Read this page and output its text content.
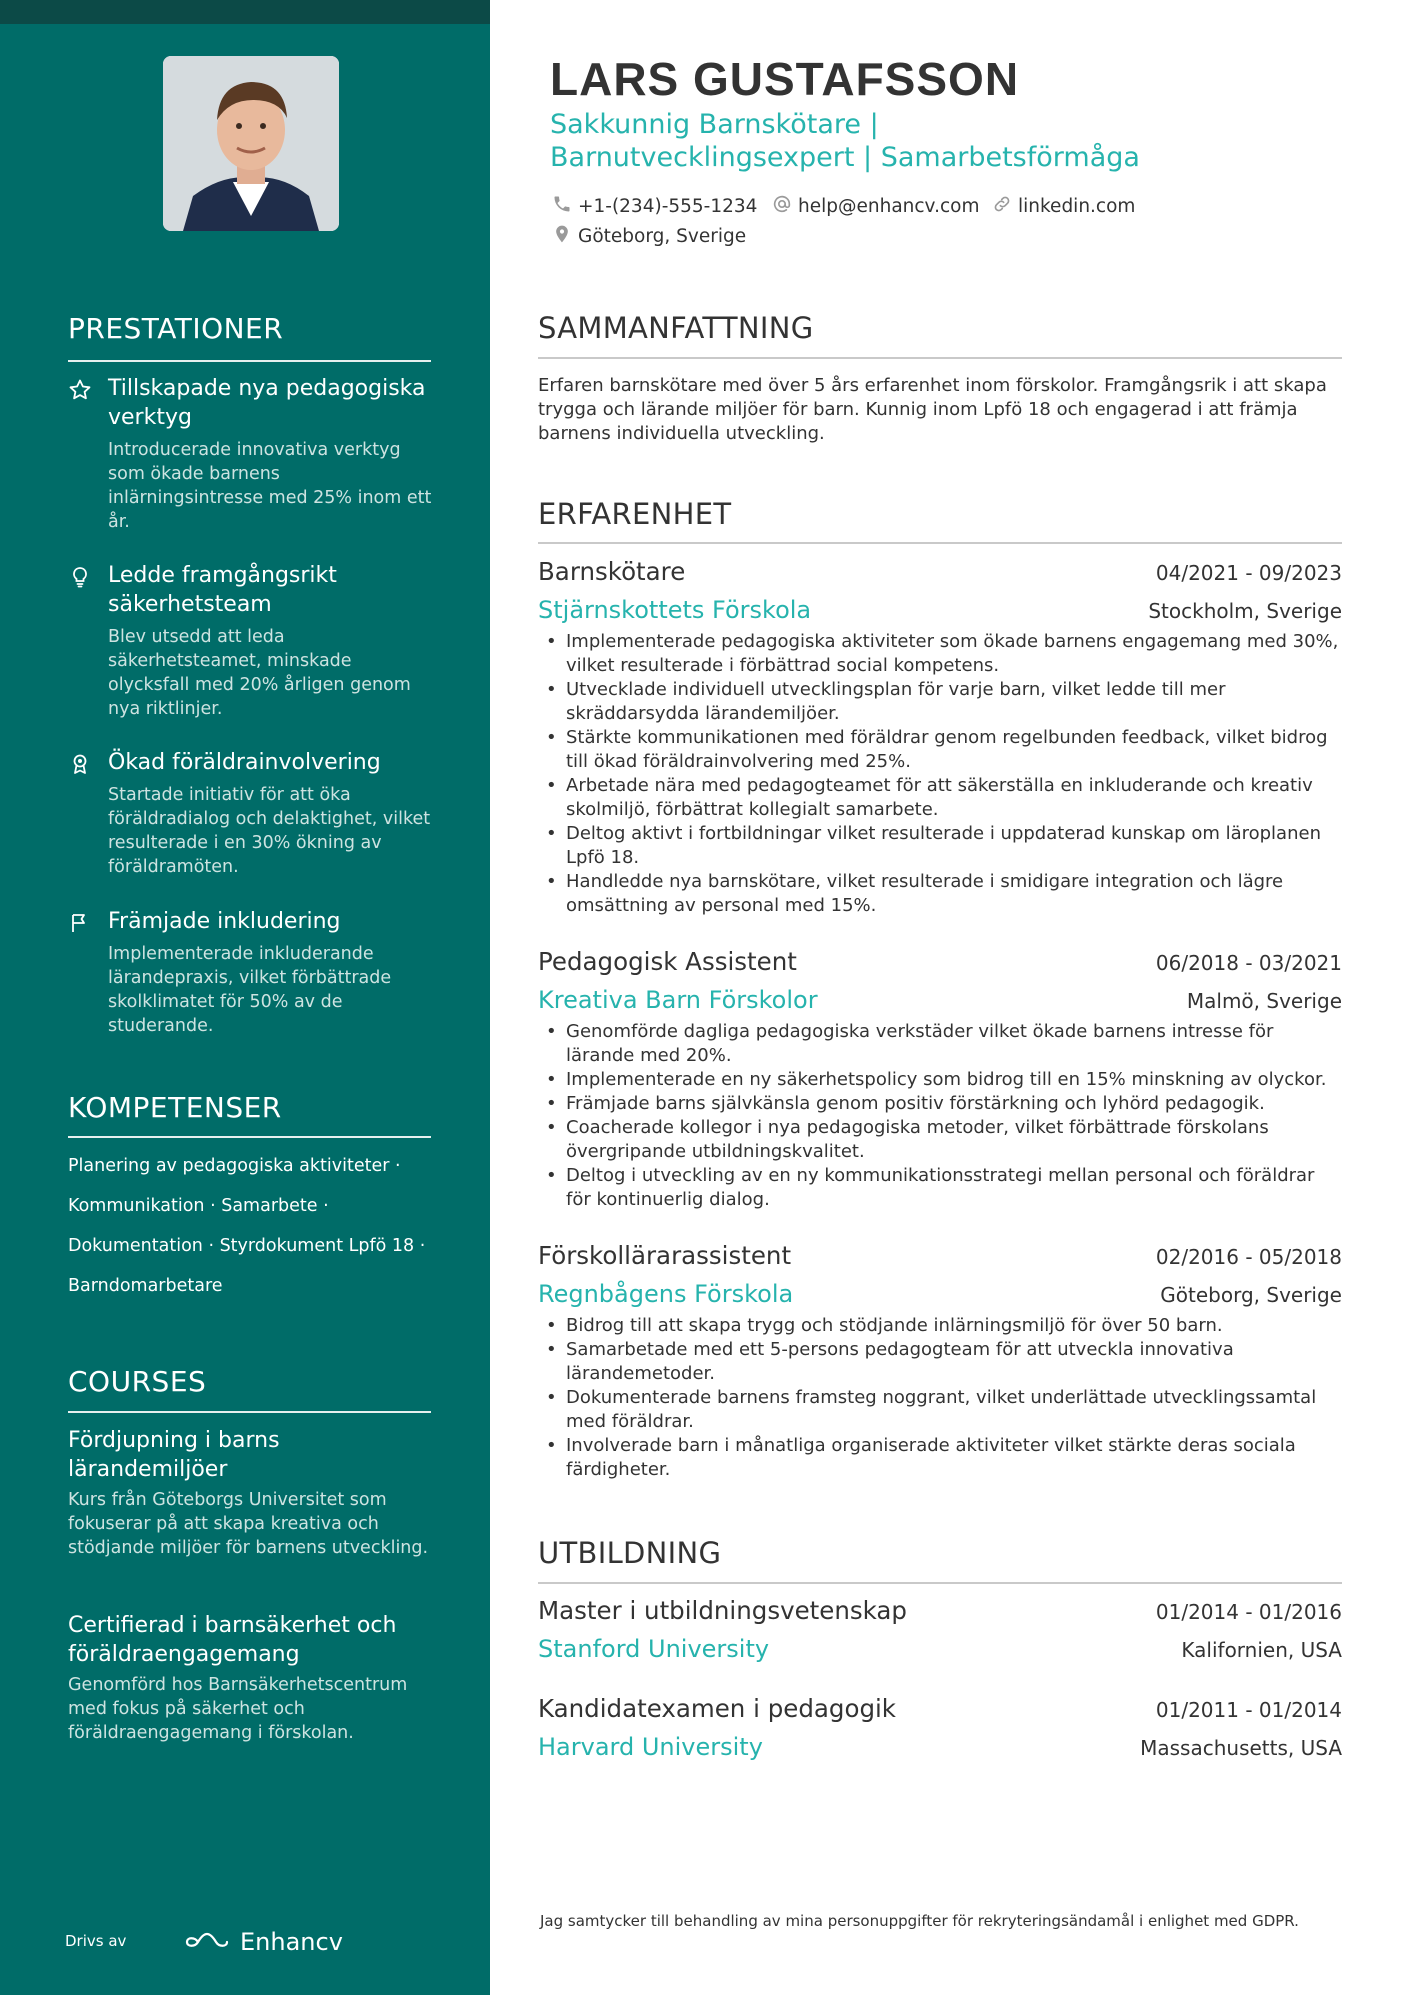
PRESTATIONER
Tillskapade nya pedagogiska verktyg
Introducerade innovativa verktyg som ökade barnens inlärningsintresse med 25% inom ett år.
Ledde framgångsrikt säkerhetsteam
Blev utsedd att leda säkerhetsteamet, minskade olycksfall med 20% årligen genom nya riktlinjer.
Ökad föräldrainvolvering
Startade initiativ för att öka föräldradialog och delaktighet, vilket resulterade i en 30% ökning av föräldramöten.
Främjade inkludering
Implementerade inkluderande lärandepraxis, vilket förbättrade skolklimatet för 50% av de studerande.
KOMPETENSER
Planering av pedagogiska aktiviteter ·
Kommunikation · Samarbete ·
Dokumentation · Styrdokument Lpfö 18 ·
Barndomarbetare
COURSES
Fördjupning i barns lärandemiljöer
Kurs från Göteborgs Universitet som fokuserar på att skapa kreativa och stödjande miljöer för barnens utveckling.
Certifierad i barnsäkerhet och föräldraengagemang
Genomförd hos Barnsäkerhetscentrum med fokus på säkerhet och föräldraengagemang i förskolan.
Drivs av	Enhancv
LARS GUSTAFSSON
Sakkunnig Barnskötare | Barnutvecklingsexpert | Samarbetsförmåga
+1-(234)-555-1234 help@enhancv.com linkedin.com
Göteborg, Sverige
SAMMANFATTNING
Erfaren barnskötare med över 5 års erfarenhet inom förskolor. Framgångsrik i att skapa trygga och lärande miljöer för barn. Kunnig inom Lpfö 18 och engagerad i att främja barnens individuella utveckling.
ERFARENHET
Barnskötare	04/2021 - 09/2023
Stjärnskottets Förskola	Stockholm, Sverige
• Implementerade pedagogiska aktiviteter som ökade barnens engagemang med 30%, vilket resulterade i förbättrad social kompetens.
• Utvecklade individuell utvecklingsplan för varje barn, vilket ledde till mer skräddarsydda lärandemiljöer.
• Stärkte kommunikationen med föräldrar genom regelbunden feedback, vilket bidrog till ökad föräldrainvolvering med 25%.
• Arbetade nära med pedagogteamet för att säkerställa en inkluderande och kreativ skolmiljö, förbättrat kollegialt samarbete.
• Deltog aktivt i fortbildningar vilket resulterade i uppdaterad kunskap om läroplanen Lpfö 18.
• Handledde nya barnskötare, vilket resulterade i smidigare integration och lägre omsättning av personal med 15%.
Pedagogisk Assistent	06/2018 - 03/2021
Kreativa Barn Förskolor	Malmö, Sverige
• Genomförde dagliga pedagogiska verkstäder vilket ökade barnens intresse för lärande med 20%.
• Implementerade en ny säkerhetspolicy som bidrog till en 15% minskning av olyckor.
• Främjade barns självkänsla genom positiv förstärkning och lyhörd pedagogik.
• Coacherade kollegor i nya pedagogiska metoder, vilket förbättrade förskolans övergripande utbildningskvalitet.
• Deltog i utveckling av en ny kommunikationsstrategi mellan personal och föräldrar för kontinuerlig dialog.
Förskollärarassistent	02/2016 - 05/2018
Regnbågens Förskola	Göteborg, Sverige
• Bidrog till att skapa trygg och stödjande inlärningsmiljö för över 50 barn.
• Samarbetade med ett 5-persons pedagogteam för att utveckla innovativa lärandemetoder.
• Dokumenterade barnens framsteg noggrant, vilket underlättade utvecklingssamtal med föräldrar.
• Involverade barn i månatliga organiserade aktiviteter vilket stärkte deras sociala färdigheter.
UTBILDNING
Master i utbildningsvetenskap	01/2014 - 01/2016
Stanford University	Kalifornien, USA
Kandidatexamen i pedagogik	01/2011 - 01/2014
Harvard University	Massachusetts, USA
Jag samtycker till behandling av mina personuppgifter för rekryteringsändamål i enlighet med GDPR.
